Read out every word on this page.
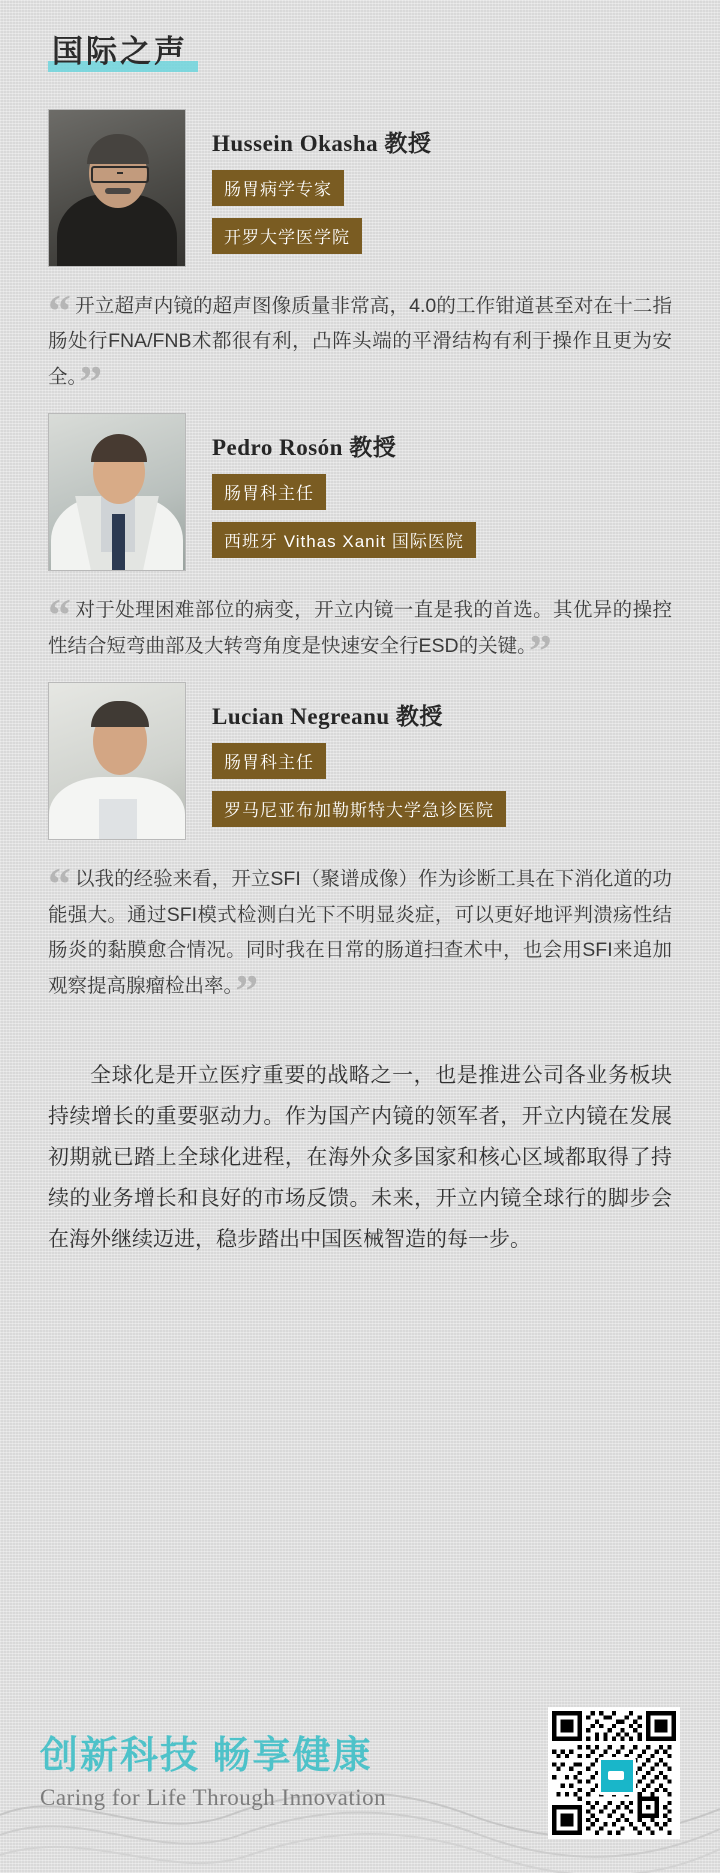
国际之声
Hussein Okasha 教授
肠胃病学专家
开罗大学医学院
“ 开立超声内镜的超声图像质量非常高，4.0的工作钳道甚至对在十二指肠处行FNA/FNB术都很有利，凸阵头端的平滑结构有利于操作且更为安全。”
Pedro Rosón 教授
肠胃科主任
西班牙 Vithas Xanit 国际医院
“ 对于处理困难部位的病变，开立内镜一直是我的首选。其优异的操控性结合短弯曲部及大转弯角度是快速安全行ESD的关键。”
Lucian Negreanu 教授
肠胃科主任
罗马尼亚布加勒斯特大学急诊医院
“ 以我的经验来看，开立SFI（聚谱成像）作为诊断工具在下消化道的功能强大。通过SFI模式检测白光下不明显炎症，可以更好地评判溃疡性结肠炎的黏膜愈合情况。同时我在日常的肠道扫查术中，也会用SFI来追加观察提高腺瘤检出率。”
全球化是开立医疗重要的战略之一，也是推进公司各业务板块持续增长的重要驱动力。作为国产内镜的领军者，开立内镜在发展初期就已踏上全球化进程，在海外众多国家和核心区域都取得了持续的业务增长和良好的市场反馈。未来，开立内镜全球行的脚步会在海外继续迈进，稳步踏出中国医械智造的每一步。
创新科技 畅享健康
Caring for Life Through Innovation
